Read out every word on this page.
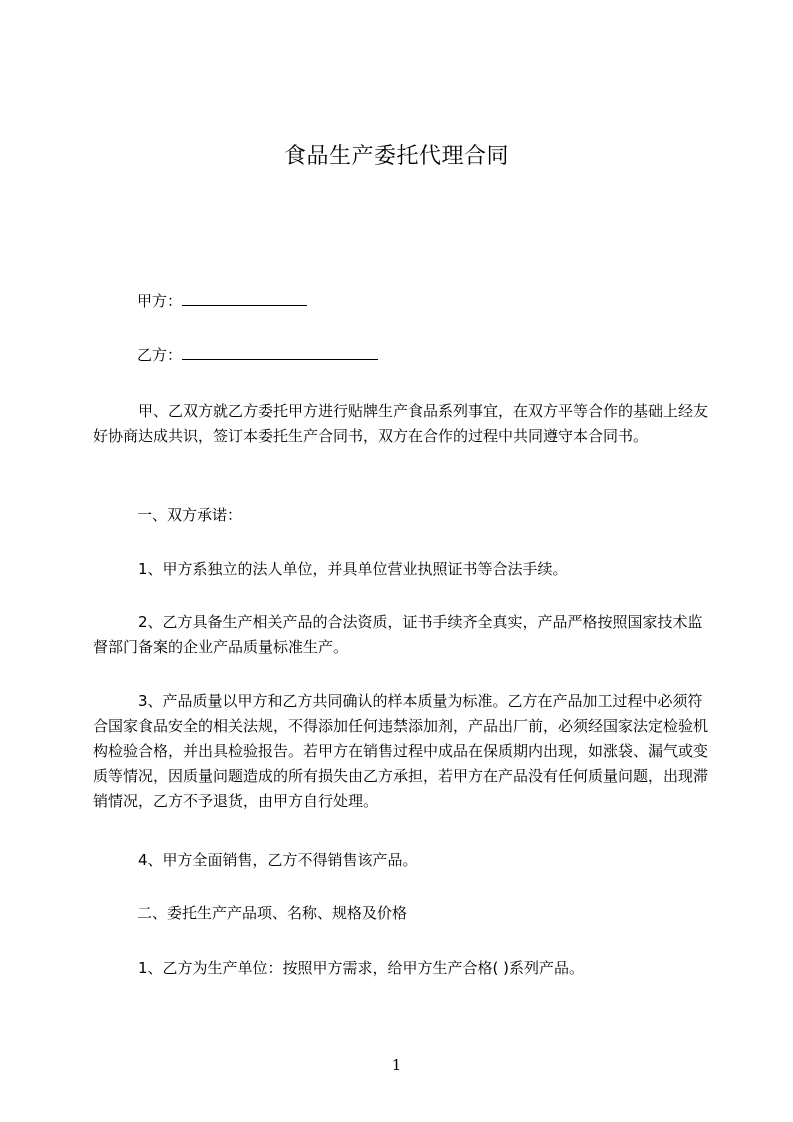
食品生产委托代理合同
甲方：
乙方：
甲、乙双方就乙方委托甲方进行贴牌生产食品系列事宜，在双方平等合作的基础上经友好协商达成共识，签订本委托生产合同书，双方在合作的过程中共同遵守本合同书。
一、双方承诺：
1、甲方系独立的法人单位，并具单位营业执照证书等合法手续。
2、乙方具备生产相关产品的合法资质，证书手续齐全真实，产品严格按照国家技术监督部门备案的企业产品质量标准生产。
3、产品质量以甲方和乙方共同确认的样本质量为标准。乙方在产品加工过程中必须符合国家食品安全的相关法规，不得添加任何违禁添加剂，产品出厂前，必须经国家法定检验机构检验合格，并出具检验报告。若甲方在销售过程中成品在保质期内出现，如涨袋、漏气或变质等情况，因质量问题造成的所有损失由乙方承担，若甲方在产品没有任何质量问题，出现滞销情况，乙方不予退货，由甲方自行处理。
4、甲方全面销售，乙方不得销售该产品。
二、委托生产产品项、名称、规格及价格
1、乙方为生产单位：按照甲方需求，给甲方生产合格( )系列产品。
1
